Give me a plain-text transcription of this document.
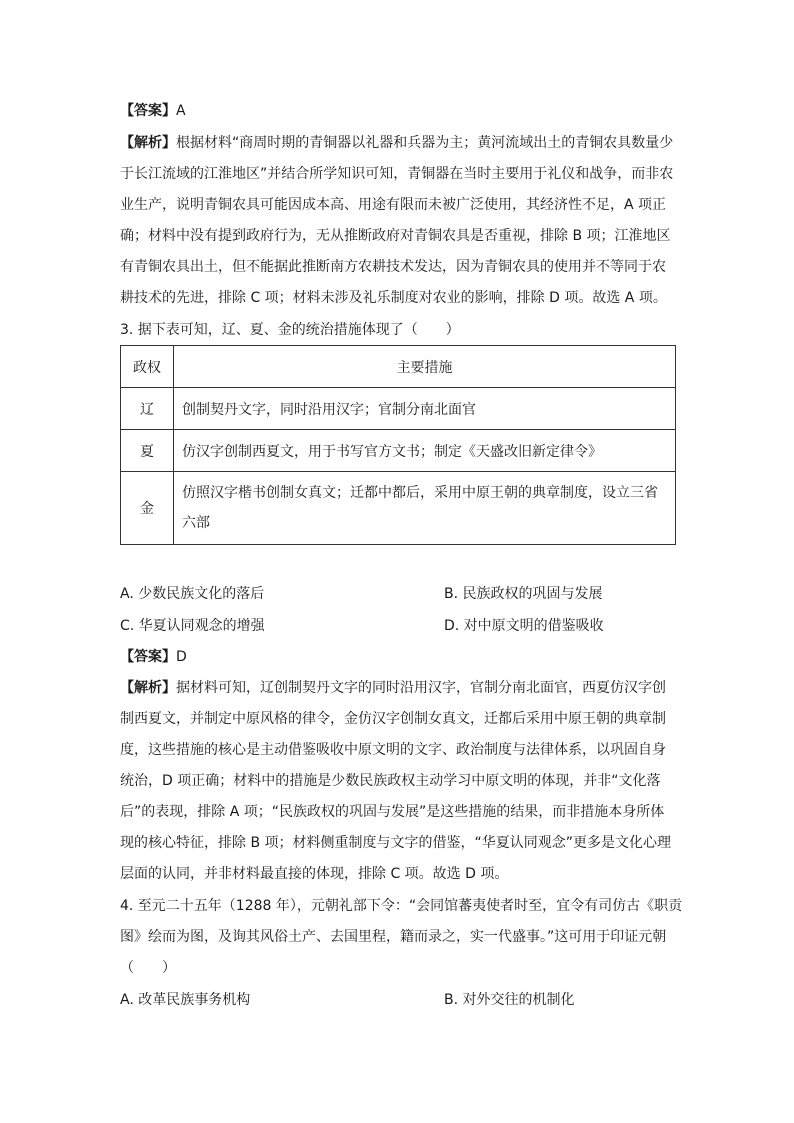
【答案】A
【解析】根据材料“商周时期的青铜器以礼器和兵器为主；黄河流域出土的青铜农具数量少
于长江流域的江淮地区”并结合所学知识可知，青铜器在当时主要用于礼仪和战争，而非农
业生产，说明青铜农具可能因成本高、用途有限而未被广泛使用，其经济性不足，A 项正
确；材料中没有提到政府行为，无从推断政府对青铜农具是否重视，排除 B 项；江淮地区
有青铜农具出土，但不能据此推断南方农耕技术发达，因为青铜农具的使用并不等同于农
耕技术的先进，排除 C 项；材料未涉及礼乐制度对农业的影响，排除 D 项。故选 A 项。
3. 据下表可知，辽、夏、金的统治措施体现了（　　）
政权	主要措施
辽	创制契丹文字，同时沿用汉字；官制分南北面官
夏	仿汉字创制西夏文，用于书写官方文书；制定《天盛改旧新定律令》
金	仿照汉字楷书创制女真文；迁都中都后，采用中原王朝的典章制度，设立三省六部
A. 少数民族文化的落后	B. 民族政权的巩固与发展
C. 华夏认同观念的增强	D. 对中原文明的借鉴吸收
【答案】D
【解析】据材料可知，辽创制契丹文字的同时沿用汉字，官制分南北面官，西夏仿汉字创
制西夏文，并制定中原风格的律令，金仿汉字创制女真文，迁都后采用中原王朝的典章制
度，这些措施的核心是主动借鉴吸收中原文明的文字、政治制度与法律体系，以巩固自身
统治，D 项正确；材料中的措施是少数民族政权主动学习中原文明的体现，并非“文化落
后”的表现，排除 A 项；“民族政权的巩固与发展”是这些措施的结果，而非措施本身所体
现的核心特征，排除 B 项；材料侧重制度与文字的借鉴，“华夏认同观念”更多是文化心理
层面的认同，并非材料最直接的体现，排除 C 项。故选 D 项。
4. 至元二十五年（1288 年），元朝礼部下令：“会同馆蕃夷使者时至，宜令有司仿古《职贡
图》绘而为图，及询其风俗土产、去国里程，籍而录之，实一代盛事。”这可用于印证元朝
（　　）
A. 改革民族事务机构	B. 对外交往的机制化
